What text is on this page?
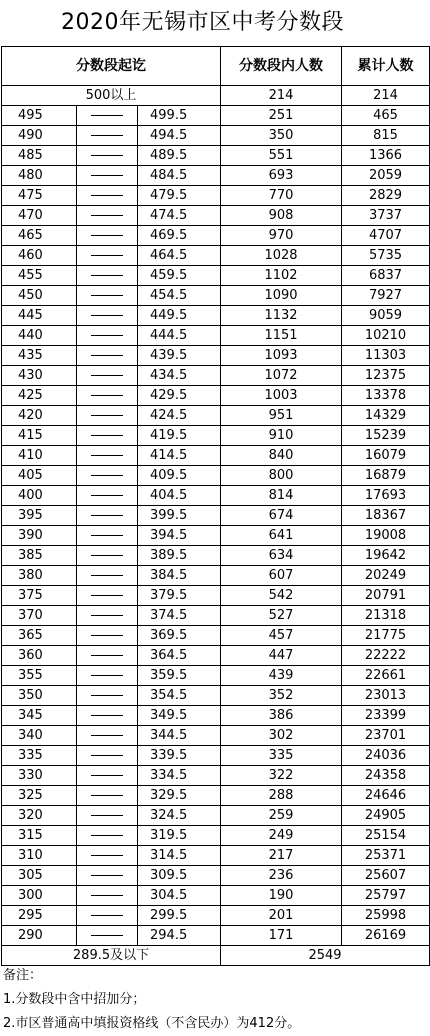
2020年无锡市区中考分数段
分数段起讫			分数段内人数	累计人数
500以上			214	214
495		499.5	251	465
490		494.5	350	815
485		489.5	551	1366
480		484.5	693	2059
475		479.5	770	2829
470		474.5	908	3737
465		469.5	970	4707
460		464.5	1028	5735
455		459.5	1102	6837
450		454.5	1090	7927
445		449.5	1132	9059
440		444.5	1151	10210
435		439.5	1093	11303
430		434.5	1072	12375
425		429.5	1003	13378
420		424.5	951	14329
415		419.5	910	15239
410		414.5	840	16079
405		409.5	800	16879
400		404.5	814	17693
395		399.5	674	18367
390		394.5	641	19008
385		389.5	634	19642
380		384.5	607	20249
375		379.5	542	20791
370		374.5	527	21318
365		369.5	457	21775
360		364.5	447	22222
355		359.5	439	22661
350		354.5	352	23013
345		349.5	386	23399
340		344.5	302	23701
335		339.5	335	24036
330		334.5	322	24358
325		329.5	288	24646
320		324.5	259	24905
315		319.5	249	25154
310		314.5	217	25371
305		309.5	236	25607
300		304.5	190	25797
295		299.5	201	25998
290		294.5	171	26169
289.5及以下			2549	
备注：
1.分数段中含中招加分；
2.市区普通高中填报资格线（不含民办）为412分。
